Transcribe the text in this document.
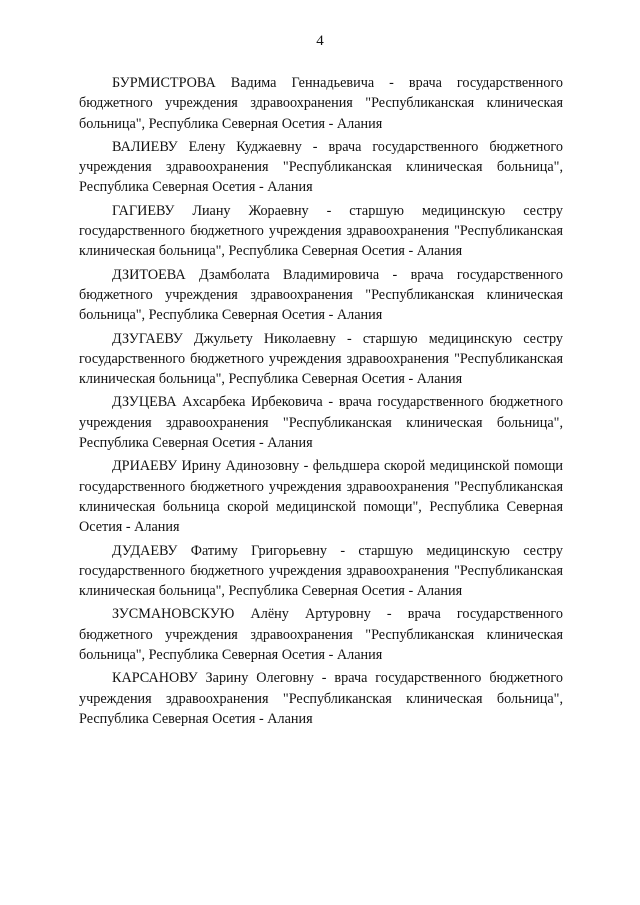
4

БУРМИСТРОВА Вадима Геннадьевича - врача государственного бюджетного учреждения здравоохранения "Республиканская клиническая больница", Республика Северная Осетия - Алания

ВАЛИЕВУ Елену Куджаевну - врача государственного бюджетного учреждения здравоохранения "Республиканская клиническая больница", Республика Северная Осетия - Алания

ГАГИЕВУ Лиану Жораевну - старшую медицинскую сестру государственного бюджетного учреждения здравоохранения "Республиканская клиническая больница", Республика Северная Осетия - Алания

ДЗИТОЕВА Дзамболата Владимировича - врача государственного бюджетного учреждения здравоохранения "Республиканская клиническая больница", Республика Северная Осетия - Алания

ДЗУГАЕВУ Джульету Николаевну - старшую медицинскую сестру государственного бюджетного учреждения здравоохранения "Республиканская клиническая больница", Республика Северная Осетия - Алания

ДЗУЦЕВА Ахсарбека Ирбековича - врача государственного бюджетного учреждения здравоохранения "Республиканская клиническая больница", Республика Северная Осетия - Алания

ДРИАЕВУ Ирину Адинозовну - фельдшера скорой медицинской помощи государственного бюджетного учреждения здравоохранения "Республиканская клиническая больница скорой медицинской помощи", Республика Северная Осетия - Алания

ДУДАЕВУ Фатиму Григорьевну - старшую медицинскую сестру государственного бюджетного учреждения здравоохранения "Республиканская клиническая больница", Республика Северная Осетия - Алания

ЗУСМАНОВСКУЮ Алёну Артуровну - врача государственного бюджетного учреждения здравоохранения "Республиканская клиническая больница", Республика Северная Осетия - Алания

КАРСАНОВУ Зарину Олеговну - врача государственного бюджетного учреждения здравоохранения "Республиканская клиническая больница", Республика Северная Осетия - Алания
